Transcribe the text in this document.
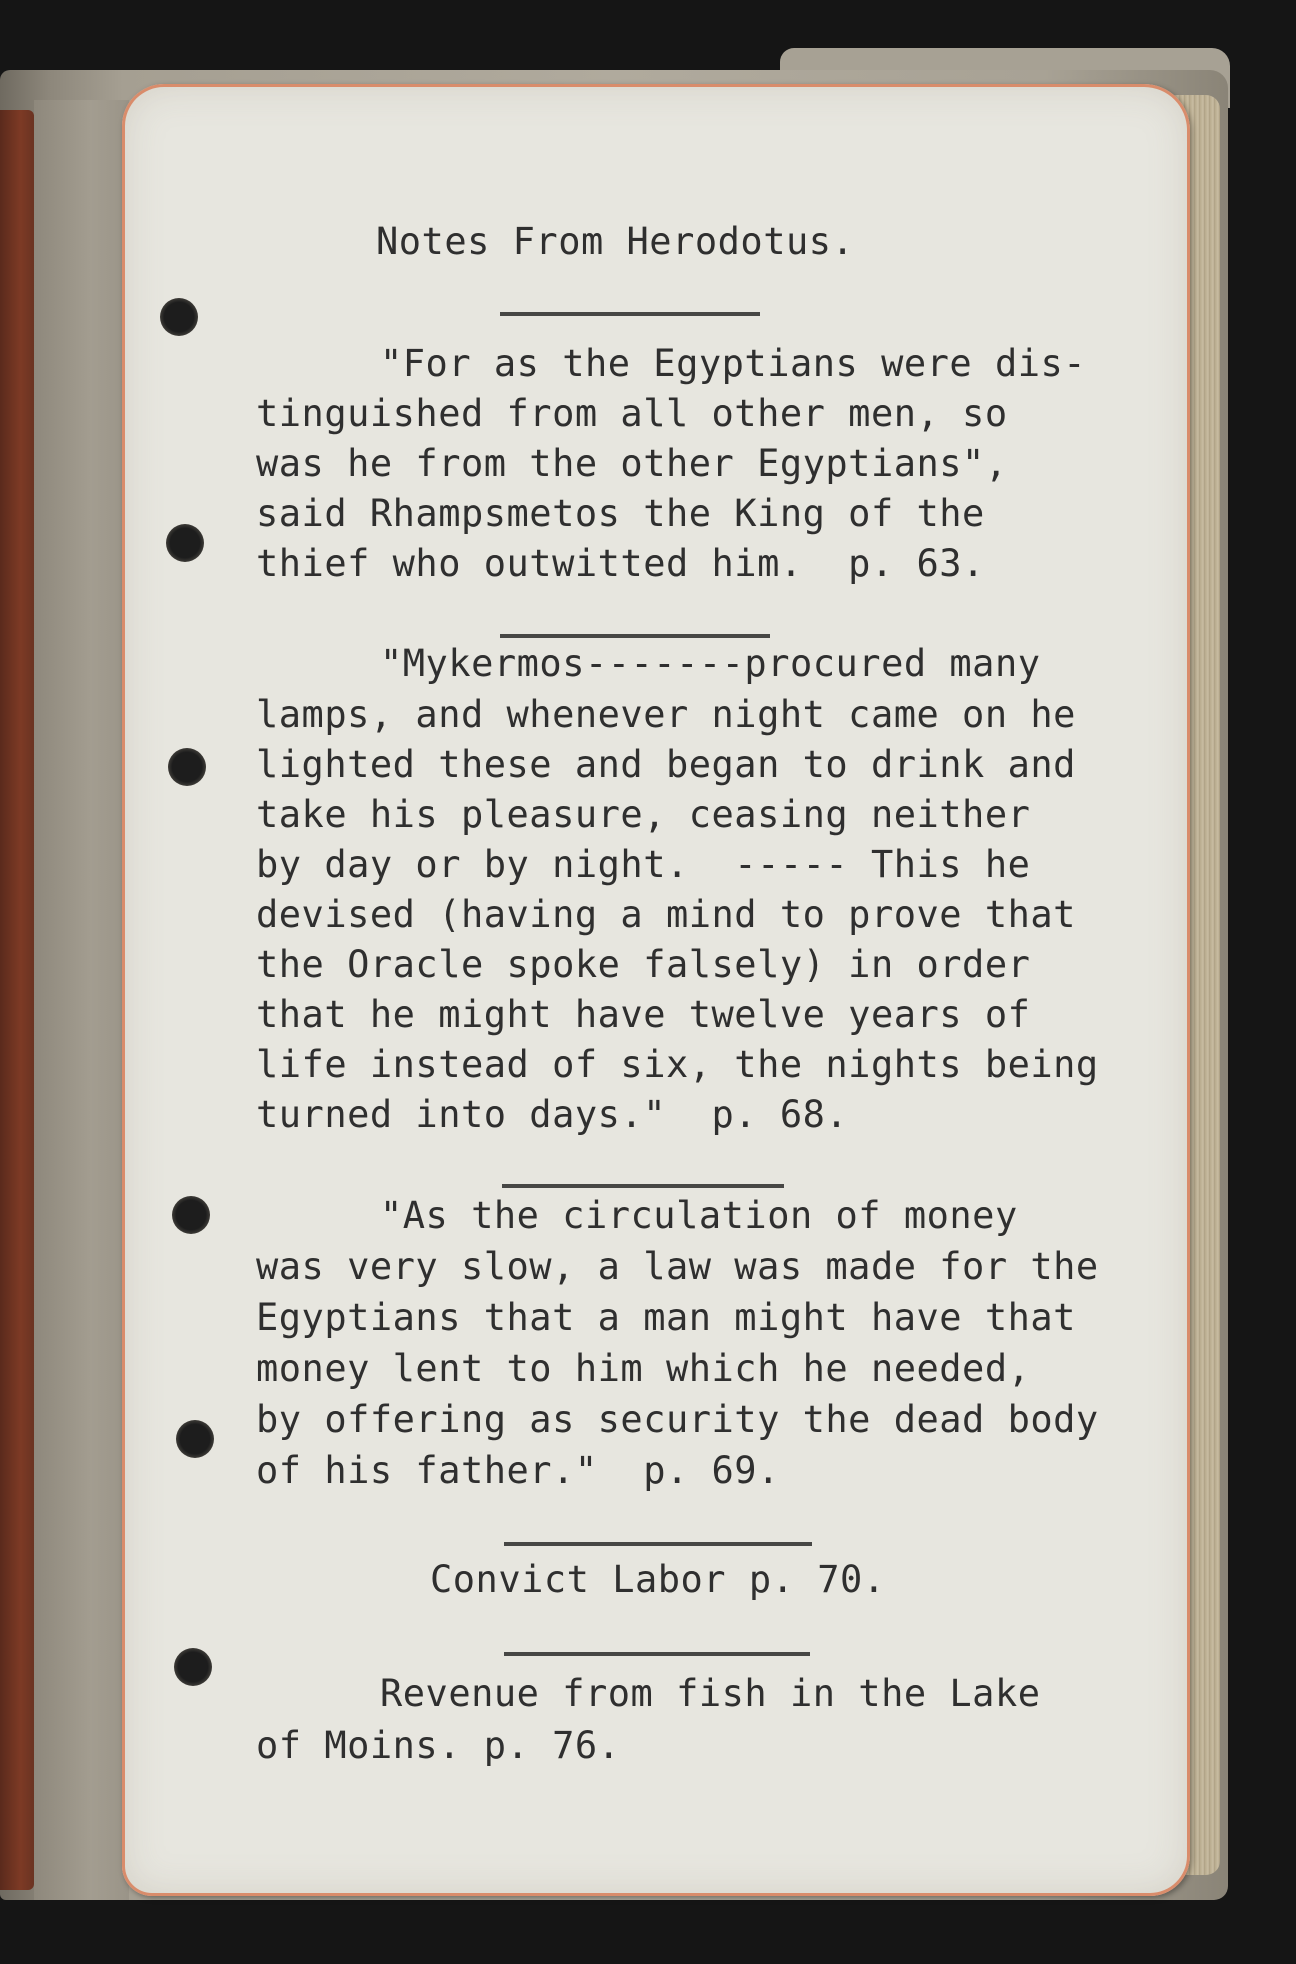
Notes From Herodotus.
"For as the Egyptians were dis-
tinguished from all other men, so
was he from the other Egyptians",
said Rhampsmetos the King of the
thief who outwitted him.  p. 63.
"Mykermos-------procured many
lamps, and whenever night came on he
lighted these and began to drink and
take his pleasure, ceasing neither
by day or by night.  ----- This he
devised (having a mind to prove that
the Oracle spoke falsely) in order
that he might have twelve years of
life instead of six, the nights being
turned into days."  p. 68.
"As the circulation of money
was very slow, a law was made for the
Egyptians that a man might have that
money lent to him which he needed,
by offering as security the dead body
of his father."  p. 69.
Convict Labor p. 70.
Revenue from fish in the Lake
of Moins. p. 76.
